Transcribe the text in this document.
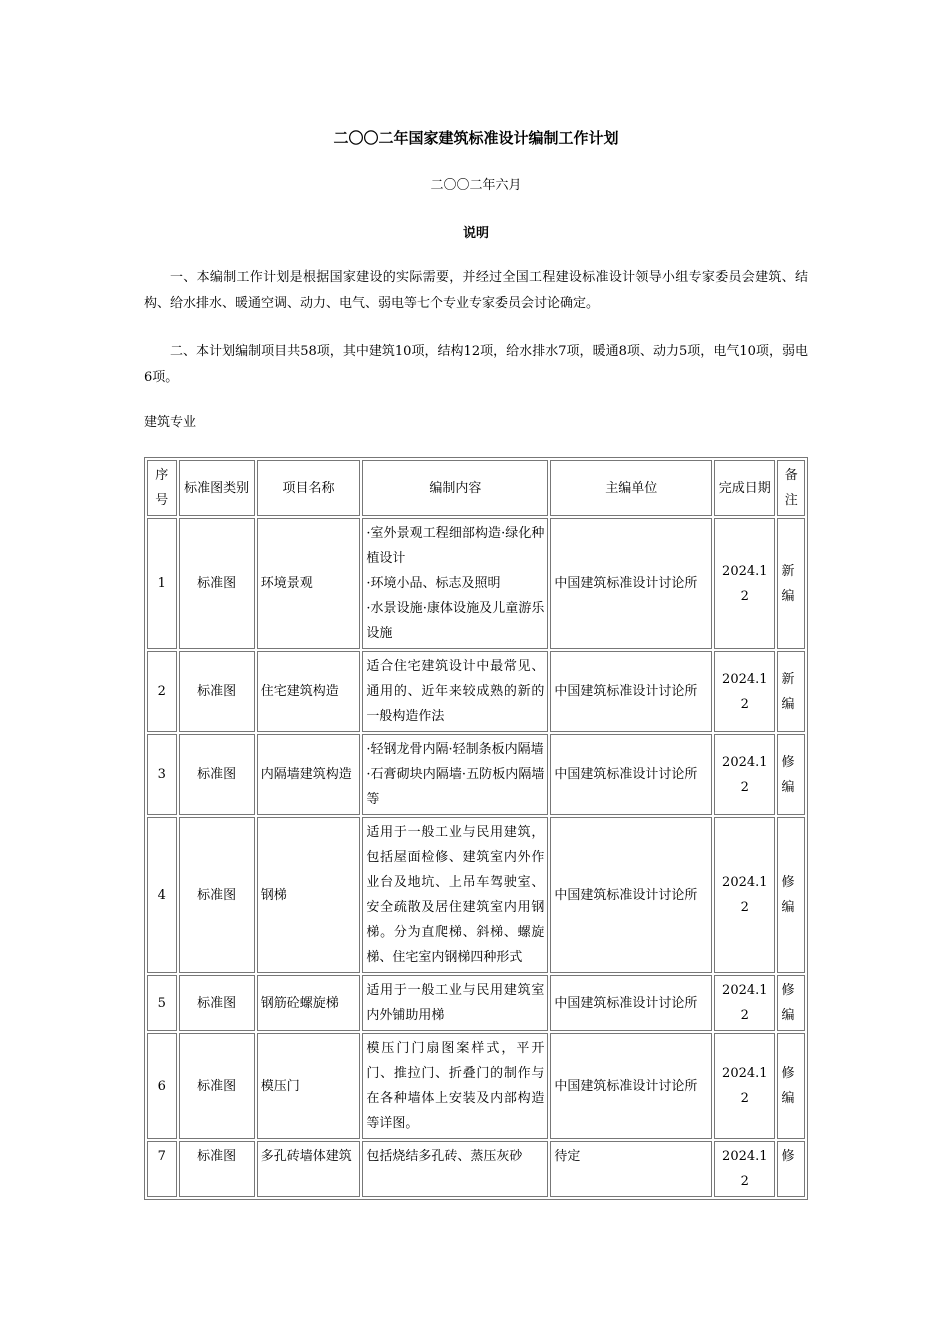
二〇〇二年国家建筑标准设计编制工作计划
二〇〇二年六月
说明
一、本编制工作计划是根据国家建设的实际需要，并经过全国工程建设标准设计领导小组专家委员会建筑、结构、给水排水、暖通空调、动力、电气、弱电等七个专业专家委员会讨论确定。
二、本计划编制项目共58项，其中建筑10项，结构12项，给水排水7项，暖通8项、动力5项，电气10项，弱电6项。
建筑专业
序号	标准图类别	项目名称	编制内容	主编单位	完成日期	备注
1	标准图	环境景观	·室外景观工程细部构造·绿化种植设计
·环境小品、标志及照明
·水景设施·康体设施及儿童游乐设施	中国建筑标准设计讨论所	2024.12	新编
2	标准图	住宅建筑构造	适合住宅建筑设计中最常见、通用的、近年来较成熟的新的一般构造作法	中国建筑标准设计讨论所	2024.12	新编
3	标准图	内隔墙建筑构造	·轻钢龙骨内隔·轻制条板内隔墙
·石膏砌块内隔墙·五防板内隔墙等	中国建筑标准设计讨论所	2024.12	修编
4	标准图	钢梯	适用于一般工业与民用建筑，包括屋面检修、建筑室内外作业台及地坑、上吊车驾驶室、安全疏散及居住建筑室内用钢梯。分为直爬梯、斜梯、螺旋梯、住宅室内钢梯四种形式	中国建筑标准设计讨论所	2024.12	修编
5	标准图	钢筋砼螺旋梯	适用于一般工业与民用建筑室内外铺助用梯	中国建筑标准设计讨论所	2024.12	修编
6	标准图	模压门	模压门门扇图案样式，平开门、推拉门、折叠门的制作与在各种墙体上安装及内部构造等详图。	中国建筑标准设计讨论所	2024.12	修编
7	标准图	多孔砖墙体建筑	包括烧结多孔砖、蒸压灰砂	待定	2024.12	修
